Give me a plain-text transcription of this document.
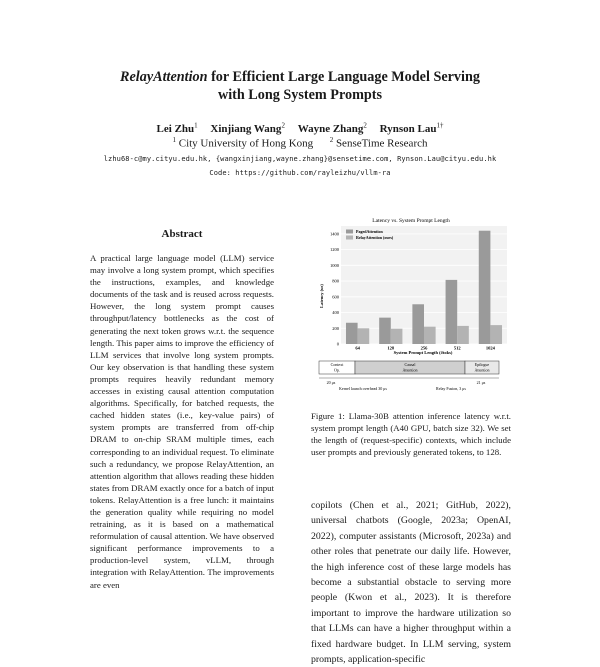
RelayAttention for Efficient Large Language Model Serving
with Long System Prompts
Lei Zhu$^1$ Xinjiang Wang$^2$ Wayne Zhang$^2$ Rynson Lau$^{1\dagger}$
$^1$ City University of Hong Kong $^2$ SenseTime Research
lzhu68-c@my.cityu.edu.hk, {wangxinjiang,wayne.zhang}@sensetime.com, Rynson.Lau@cityu.edu.hk
Code: https://github.com/rayleizhu/vllm-ra
Abstract
A practical large language model (LLM) service may involve a long system prompt, which specifies the instructions, examples, and knowledge documents of the task and is reused across requests. However, the long system prompt causes throughput/latency bottlenecks as the cost of generating the next token grows w.r.t. the sequence length. This paper aims to improve the efficiency of LLM services that involve long system prompts. Our key observation is that handling these system prompts requires heavily redundant memory accesses in existing causal attention computation algorithms. Specifically, for batched requests, the cached hidden states (i.e., key-value pairs) of system prompts are transferred from off-chip DRAM to on-chip SRAM multiple times, each corresponding to an individual request. To eliminate such a redundancy, we propose RelayAttention, an attention algorithm that allows reading these hidden states from DRAM exactly once for a batch of input tokens. RelayAttention is a free lunch: it maintains the generation quality while requiring no model retraining, as it is based on a mathematical reformulation of causal attention. We have observed significant performance improvements to a production-level system, vLLM, through integration with RelayAttention. The improvements are even
Latency vs. System Prompt Length
Latency (us)
System Prompt Length (#toks)
0
200
400
600
800
1000
1200
1400
64	128	256	512	1024
PagedAttention
RelayAttention (ours)
Context
Op.
Causal
Attention
Epilogue
Attention
20 μs	21 μs
Kernel launch overhead 30 μs	Relay Fusion, 3 μs
Figure 1: Llama-30B attention inference latency w.r.t. system prompt length (A40 GPU, batch size 32). We set the length of (request-specific) contexts, which include user prompts and previously generated tokens, to 128.
copilots (Chen et al., 2021; GitHub, 2022), universal chatbots (Google, 2023a; OpenAI, 2022), computer assistants (Microsoft, 2023a) and other roles that penetrate our daily life. However, the high inference cost of these large models has become a substantial obstacle to serving more people (Kwon et al., 2023). It is therefore important to improve the hardware utilization so that LLMs can have a higher throughput within a fixed hardware budget. In LLM serving, system prompts, application-specific
